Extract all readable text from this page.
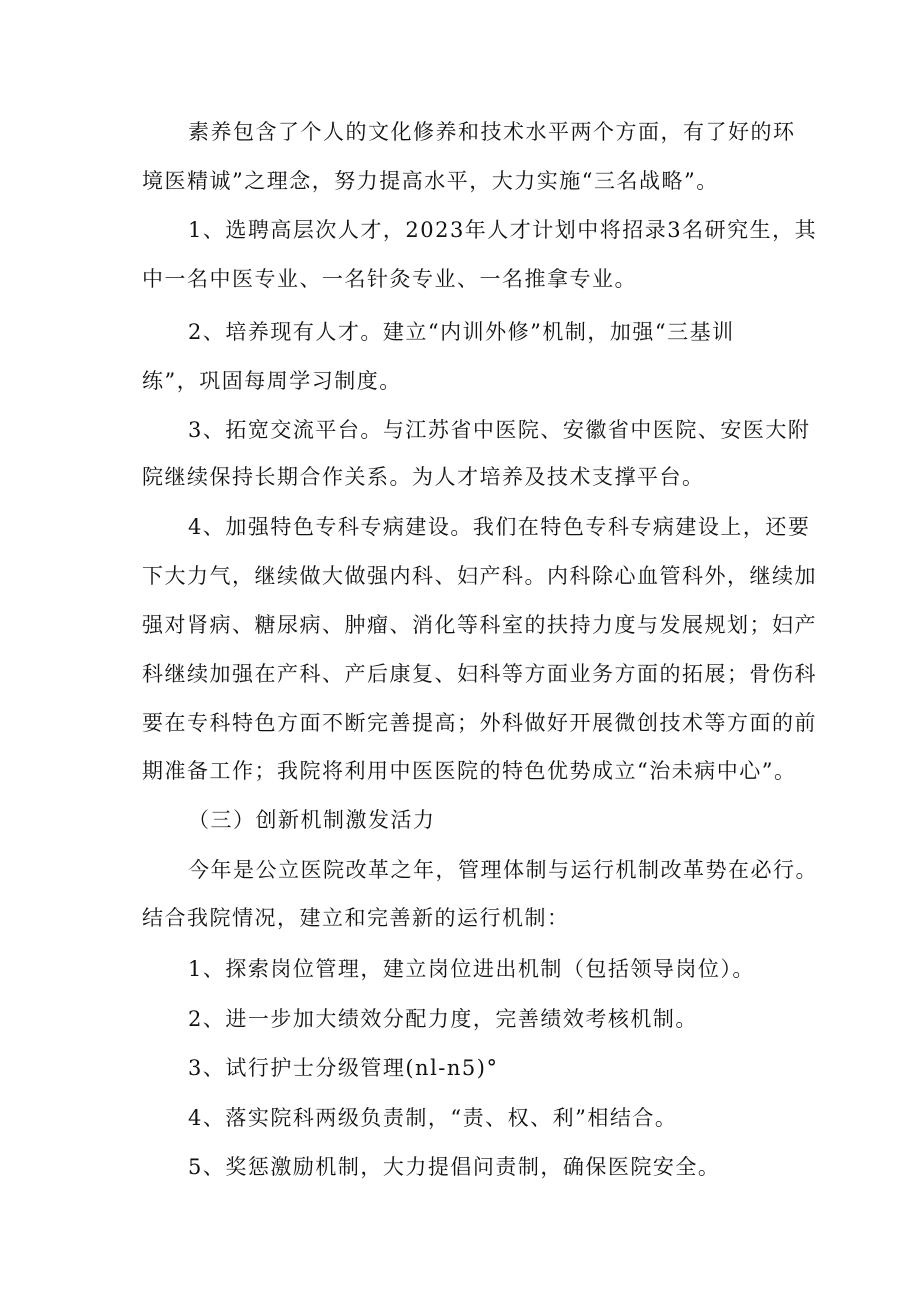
素养包含了个人的文化修养和技术水平两个方面，有了好的环

境医精诚”之理念，努力提高水平，大力实施“三名战略”。

1、选聘高层次人才，2023年人才计划中将招录3名研究生，其

中一名中医专业、一名针灸专业、一名推拿专业。

2、培养现有人才。建立“内训外修”机制，加强“三基训

练”，巩固每周学习制度。

3、拓宽交流平台。与江苏省中医院、安徽省中医院、安医大附

院继续保持长期合作关系。为人才培养及技术支撑平台。

4、加强特色专科专病建设。我们在特色专科专病建设上，还要

下大力气，继续做大做强内科、妇产科。内科除心血管科外，继续加

强对肾病、糖尿病、肿瘤、消化等科室的扶持力度与发展规划；妇产

科继续加强在产科、产后康复、妇科等方面业务方面的拓展；骨伤科

要在专科特色方面不断完善提高；外科做好开展微创技术等方面的前

期准备工作；我院将利用中医医院的特色优势成立“治未病中心”。

（三）创新机制激发活力

今年是公立医院改革之年，管理体制与运行机制改革势在必行。

结合我院情况，建立和完善新的运行机制：

1、探索岗位管理，建立岗位进出机制（包括领导岗位）。

2、进一步加大绩效分配力度，完善绩效考核机制。

3、试行护士分级管理(nl-n5)°

4、落实院科两级负责制，“责、权、利”相结合。

5、奖惩激励机制，大力提倡问责制，确保医院安全。
